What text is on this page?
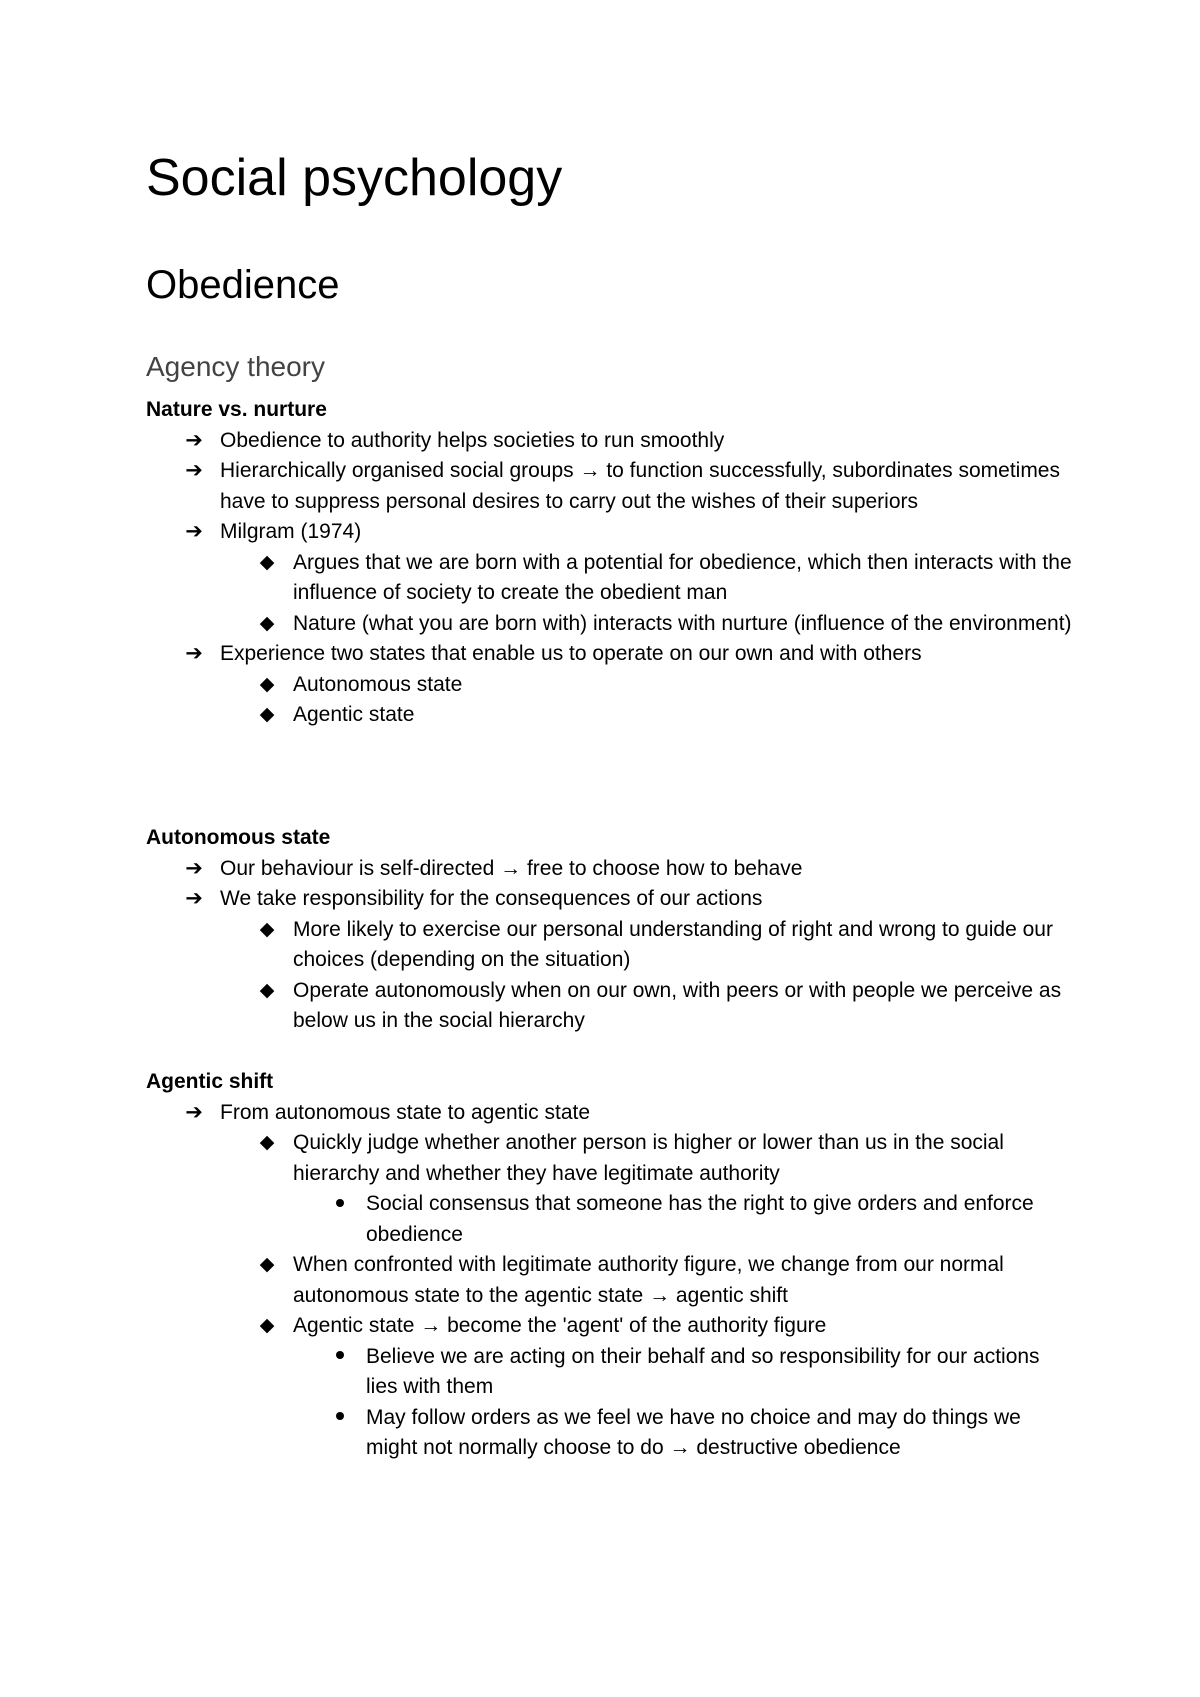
Social psychology
Obedience
Agency theory
Nature vs. nurture
➔ Obedience to authority helps societies to run smoothly
➔ Hierarchically organised social groups → to function successfully, subordinates sometimes have to suppress personal desires to carry out the wishes of their superiors
➔ Milgram (1974)
◆ Argues that we are born with a potential for obedience, which then interacts with the influence of society to create the obedient man
◆ Nature (what you are born with) interacts with nurture (influence of the environment)
➔ Experience two states that enable us to operate on our own and with others
◆ Autonomous state
◆ Agentic state
Autonomous state
➔ Our behaviour is self-directed → free to choose how to behave
➔ We take responsibility for the consequences of our actions
◆ More likely to exercise our personal understanding of right and wrong to guide our choices (depending on the situation)
◆ Operate autonomously when on our own, with peers or with people we perceive as below us in the social hierarchy
Agentic shift
➔ From autonomous state to agentic state
◆ Quickly judge whether another person is higher or lower than us in the social hierarchy and whether they have legitimate authority
Social consensus that someone has the right to give orders and enforce obedience
◆ When confronted with legitimate authority figure, we change from our normal autonomous state to the agentic state → agentic shift
◆ Agentic state → become the 'agent' of the authority figure
Believe we are acting on their behalf and so responsibility for our actions lies with them
May follow orders as we feel we have no choice and may do things we might not normally choose to do → destructive obedience
